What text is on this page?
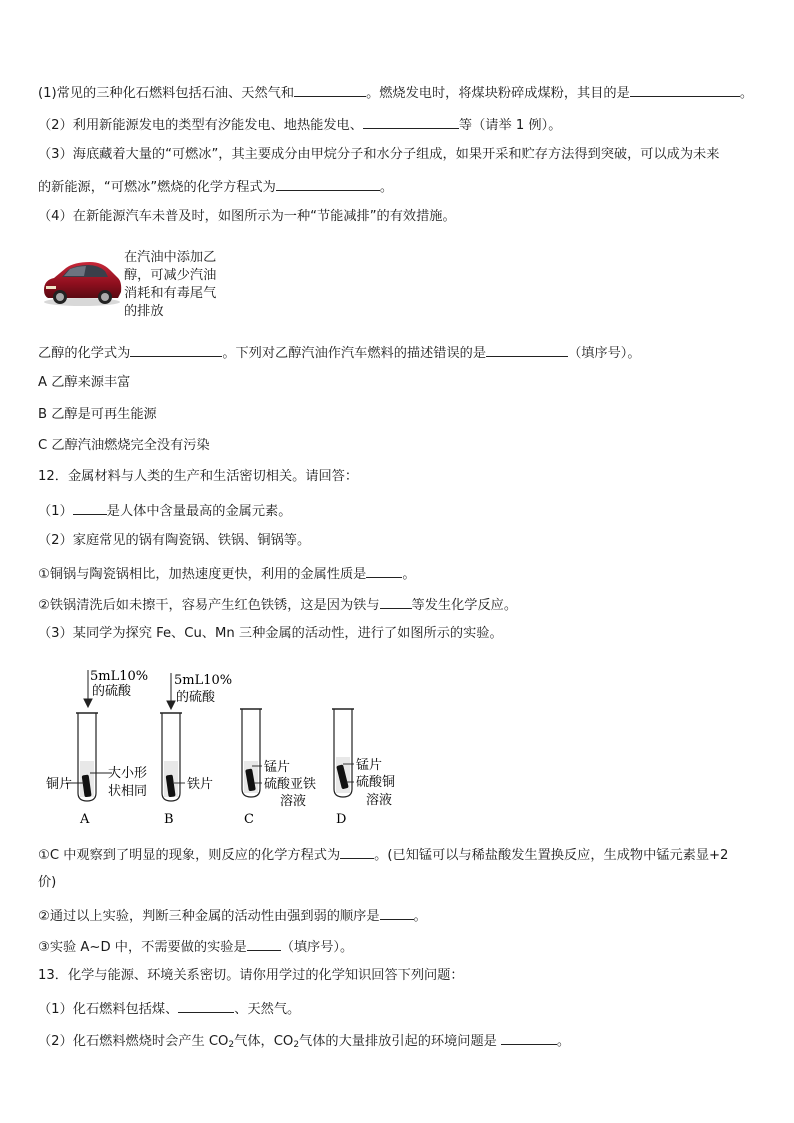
(1)常见的三种化石燃料包括石油、天然气和	。燃烧发电时，将煤块粉碎成煤粉，其目的是	。
（2）利用新能源发电的类型有汐能发电、地热能发电、	等（请举 1 例）。
（3）海底藏着大量的“可燃冰”，其主要成分由甲烷分子和水分子组成，如果开采和贮存方法得到突破，可以成为未来
的新能源，“可燃冰”燃烧的化学方程式为	。
（4）在新能源汽车未普及时，如图所示为一种“节能减排”的有效措施。
在汽油中添加乙
醇，可减少汽油
消耗和有毒尾气
的排放
乙醇的化学式为	。下列对乙醇汽油作汽车燃料的描述错误的是	（填序号）。
A 乙醇来源丰富
B 乙醇是可再生能源
C 乙醇汽油燃烧完全没有污染
12．金属材料与人类的生产和生活密切相关。请回答：
（1）	是人体中含量最高的金属元素。
（2）家庭常见的锅有陶瓷锅、铁锅、铜锅等。
①铜锅与陶瓷锅相比，加热速度更快，利用的金属性质是	。
②铁锅清洗后如未擦干，容易产生红色铁锈，这是因为铁与 等发生化学反应。
（3）某同学为探究 Fe、Cu、Mn 三种金属的活动性，进行了如图所示的实验。
5mL10%
的硫酸
5mL10%
的硫酸
铜片
大小形
状相同	铁片
锰片
硫酸亚铁
溶液
锰片
硫酸铜
溶液
A	B	C	D
①C 中观察到了明显的现象，则反应的化学方程式为	。(已知锰可以与稀盐酸发生置换反应，生成物中锰元素显+2
价)
②通过以上实验，判断三种金属的活动性由强到弱的顺序是	。
③实验 A~D 中，不需要做的实验是	（填序号）。
13．化学与能源、环境关系密切。请你用学过的化学知识回答下列问题：
（1）化石燃料包括煤、	、天然气。
（2）化石燃料燃烧时会产生 $CO_2$气体，$CO_2$气体的大量排放引起的环境问题是	。
